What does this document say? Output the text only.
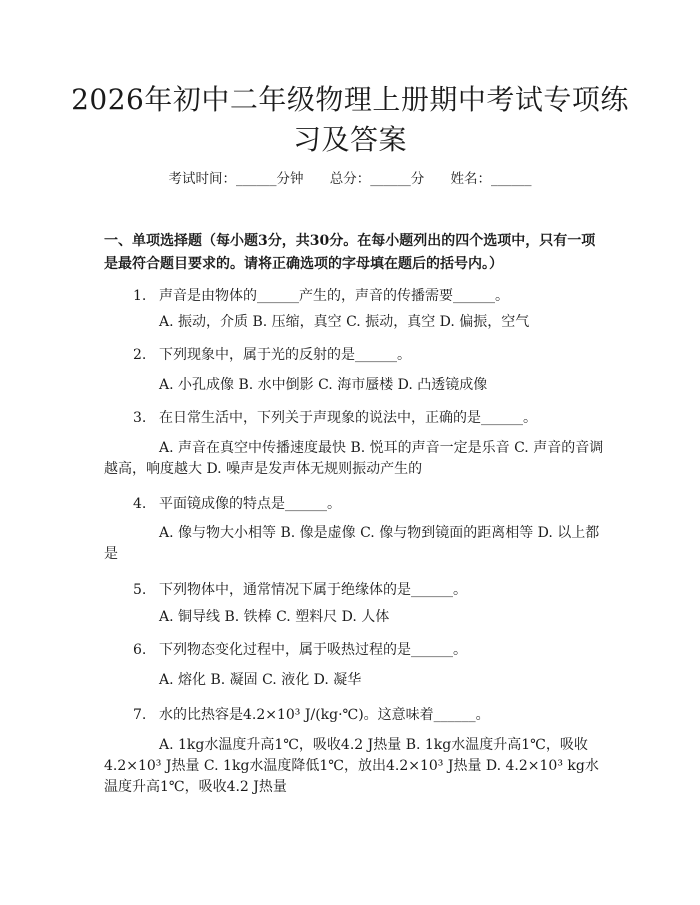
2026年初中二年级物理上册期中考试专项练习及答案
考试时间：______分钟 总分：______分 姓名：______
一、单项选择题（每小题3分，共30分。在每小题列出的四个选项中，只有一项是最符合题目要求的。请将正确选项的字母填在题后的括号内。）
1. 声音是由物体的______产生的，声音的传播需要______。
A. 振动，介质 B. 压缩，真空 C. 振动，真空 D. 偏振，空气
2. 下列现象中，属于光的反射的是______。
A. 小孔成像 B. 水中倒影 C. 海市蜃楼 D. 凸透镜成像
3. 在日常生活中，下列关于声现象的说法中，正确的是______。
A. 声音在真空中传播速度最快 B. 悦耳的声音一定是乐音 C. 声音的音调越高，响度越大 D. 噪声是发声体无规则振动产生的
4. 平面镜成像的特点是______。
A. 像与物大小相等 B. 像是虚像 C. 像与物到镜面的距离相等 D. 以上都是
5. 下列物体中，通常情况下属于绝缘体的是______。
A. 铜导线 B. 铁棒 C. 塑料尺 D. 人体
6. 下列物态变化过程中，属于吸热过程的是______。
A. 熔化 B. 凝固 C. 液化 D. 凝华
7. 水的比热容是4.2×10³ J/(kg·℃)。这意味着______。
A. 1kg水温度升高1℃，吸收4.2 J热量 B. 1kg水温度升高1℃，吸收4.2×10³ J热量 C. 1kg水温度降低1℃，放出4.2×10³ J热量 D. 4.2×10³ kg水温度升高1℃，吸收4.2 J热量
